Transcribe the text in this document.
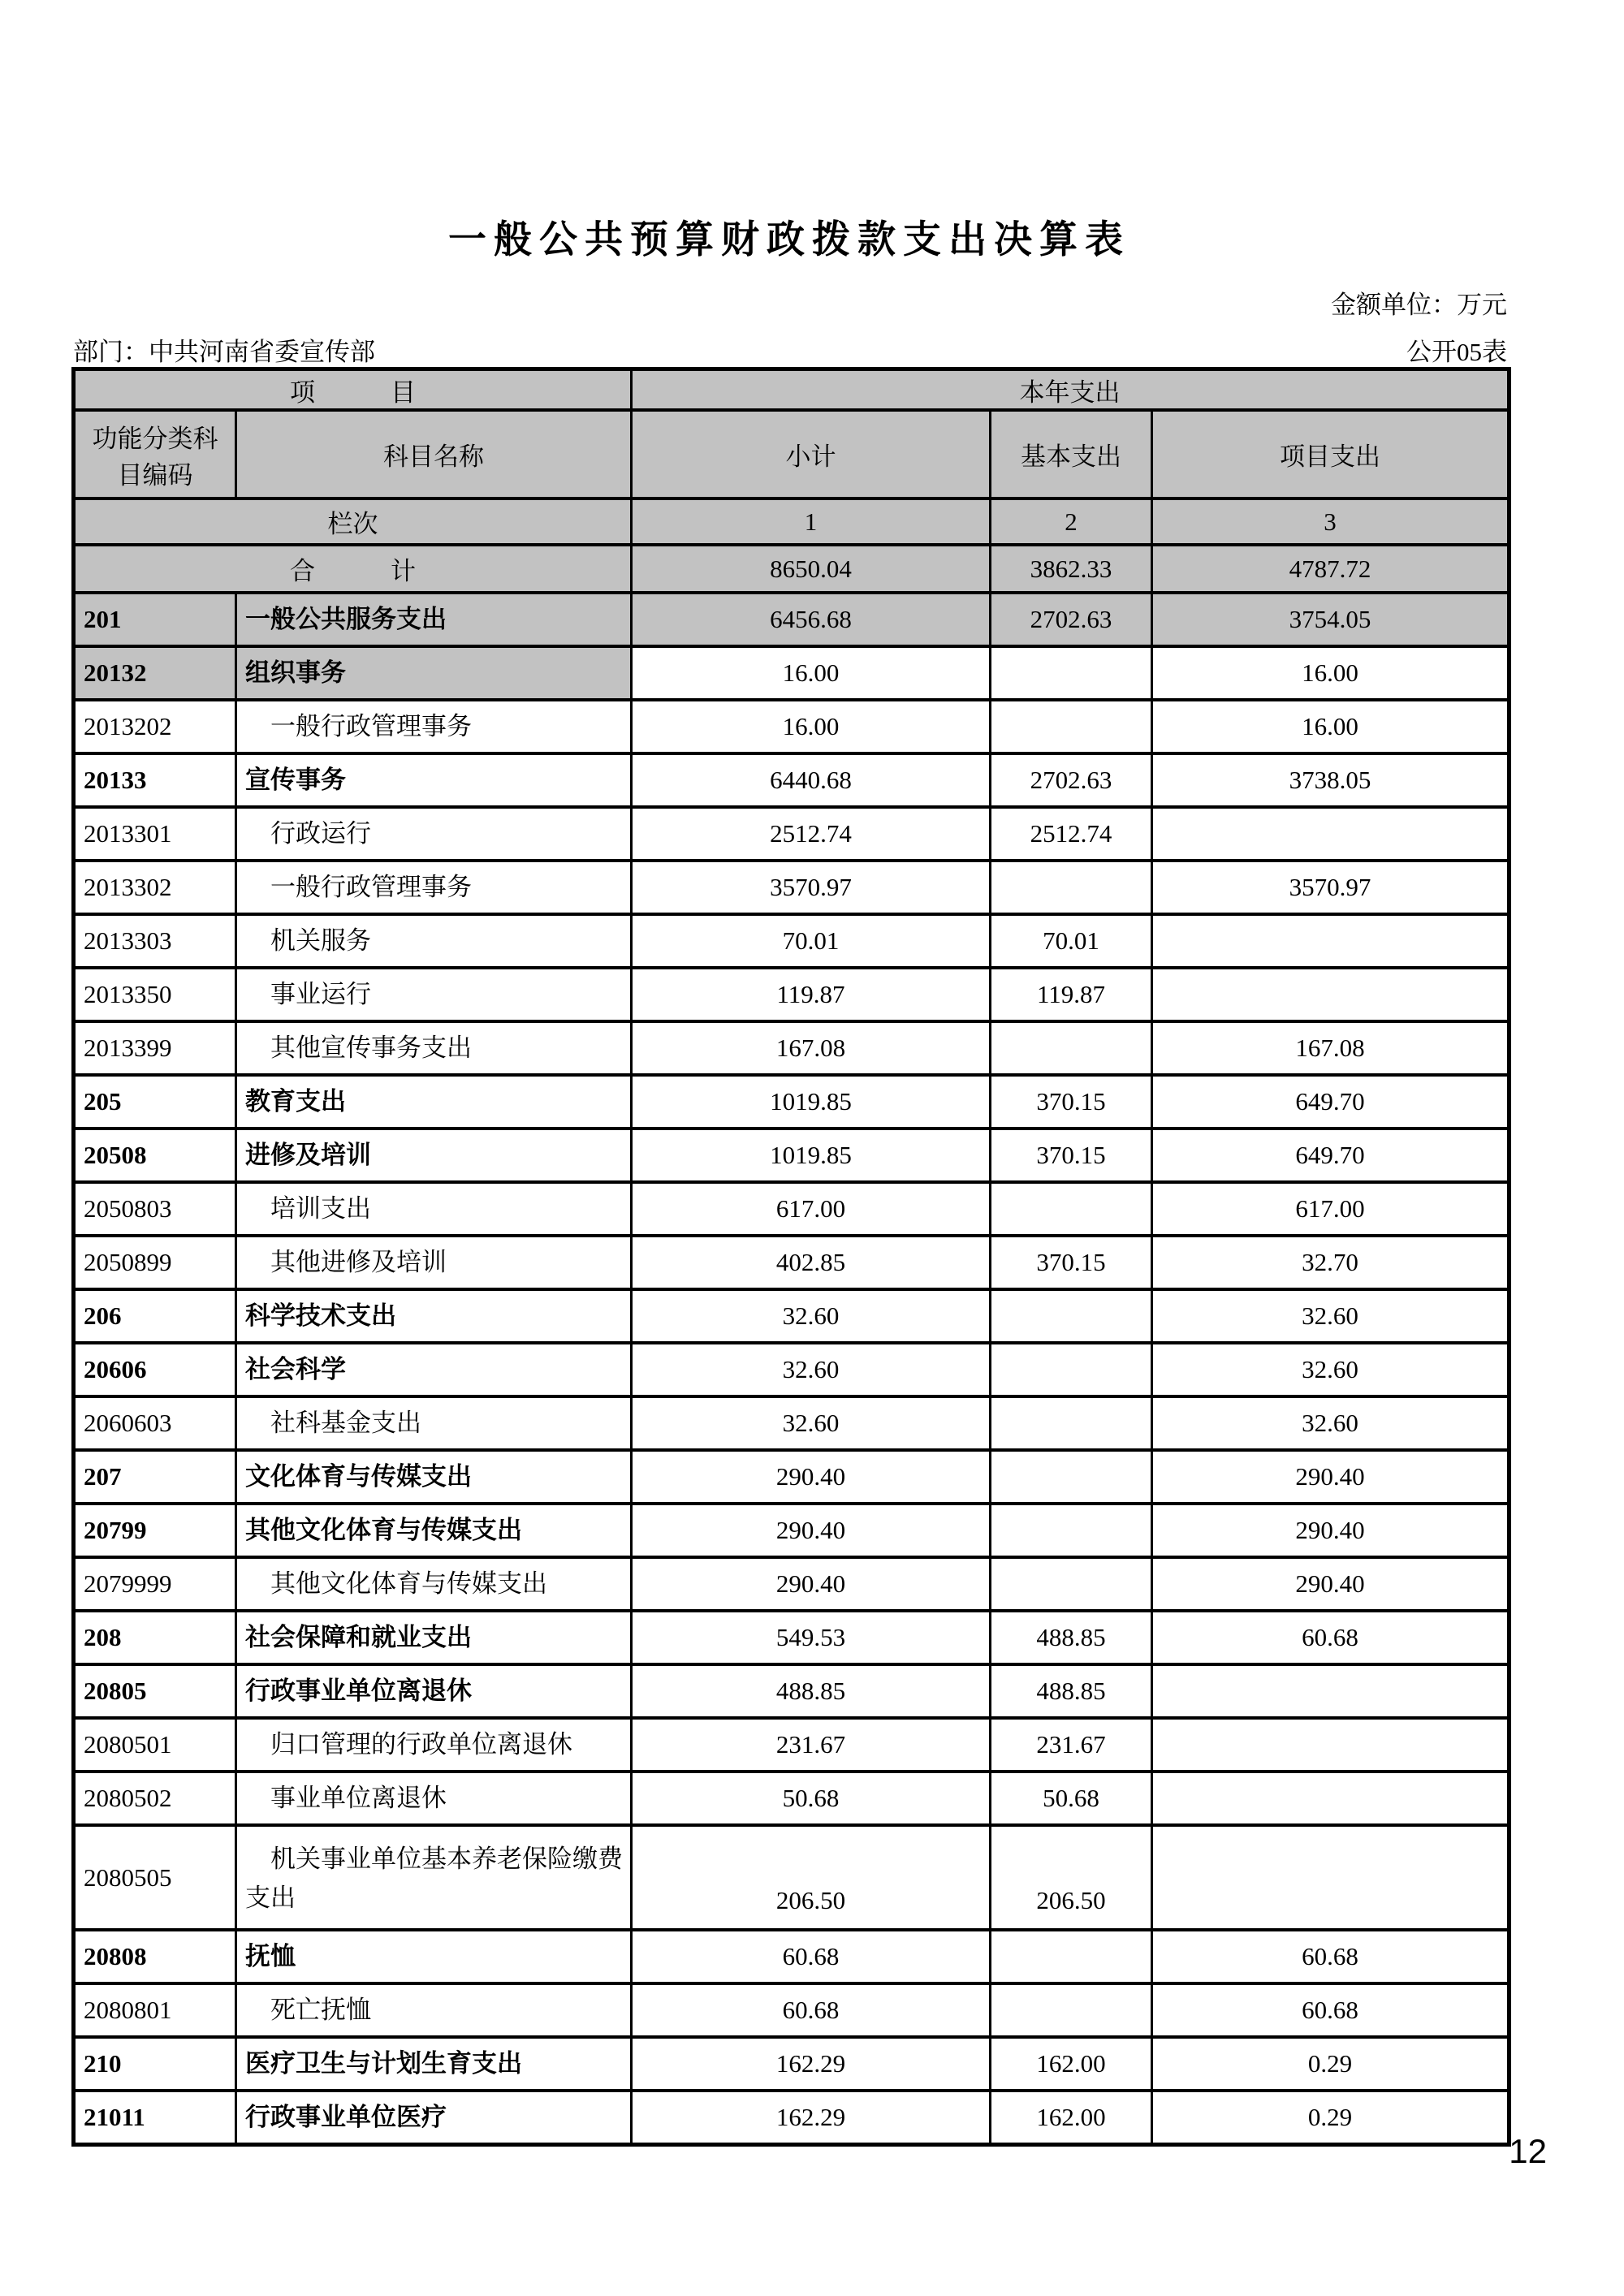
一般公共预算财政拨款支出决算表
金额单位：万元
部门：中共河南省委宣传部	公开05表
项　　　目		本年支出		
功能分类科目编码	科目名称	小计	基本支出	项目支出
栏次		1	2	3
合　　　计		8650.04	3862.33	4787.72
201	一般公共服务支出	6456.68	2702.63	3754.05
20132	组织事务	16.00		16.00
2013202	一般行政管理事务	16.00		16.00
20133	宣传事务	6440.68	2702.63	3738.05
2013301	行政运行	2512.74	2512.74	
2013302	一般行政管理事务	3570.97		3570.97
2013303	机关服务	70.01	70.01	
2013350	事业运行	119.87	119.87	
2013399	其他宣传事务支出	167.08		167.08
205	教育支出	1019.85	370.15	649.70
20508	进修及培训	1019.85	370.15	649.70
2050803	培训支出	617.00		617.00
2050899	其他进修及培训	402.85	370.15	32.70
206	科学技术支出	32.60		32.60
20606	社会科学	32.60		32.60
2060603	社科基金支出	32.60		32.60
207	文化体育与传媒支出	290.40		290.40
20799	其他文化体育与传媒支出	290.40		290.40
2079999	其他文化体育与传媒支出	290.40		290.40
208	社会保障和就业支出	549.53	488.85	60.68
20805	行政事业单位离退休	488.85	488.85	
2080501	归口管理的行政单位离退休	231.67	231.67	
2080502	事业单位离退休	50.68	50.68	
2080505	机关事业单位基本养老保险缴费支出	206.50	206.50	
20808	抚恤	60.68		60.68
2080801	死亡抚恤	60.68		60.68
210	医疗卫生与计划生育支出	162.29	162.00	0.29
21011	行政事业单位医疗	162.29	162.00	0.29
12
